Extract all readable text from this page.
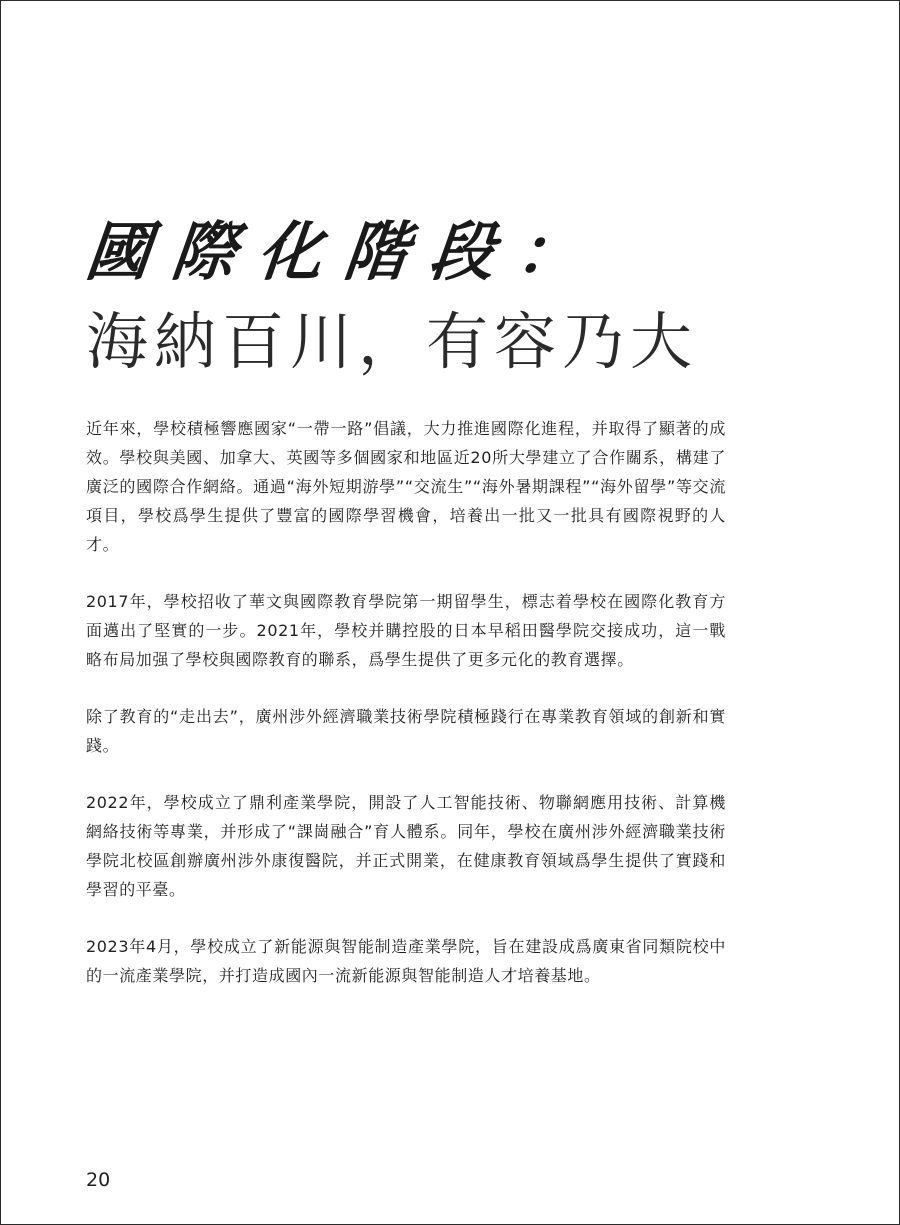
國際化階段：
海納百川，有容乃大

近年來，學校積極響應國家“一帶一路”倡議，大力推進國際化進程，并取得了顯著的成效。學校與美國、加拿大、英國等多個國家和地區近20所大學建立了合作關系，構建了廣泛的國際合作網絡。通過“海外短期游學”“交流生”“海外暑期課程”“海外留學”等交流項目，學校爲學生提供了豐富的國際學習機會，培養出一批又一批具有國際視野的人才。

2017年，學校招收了華文與國際教育學院第一期留學生，標志着學校在國際化教育方面邁出了堅實的一步。2021年，學校并購控股的日本早稻田醫學院交接成功，這一戰略布局加强了學校與國際教育的聯系，爲學生提供了更多元化的教育選擇。

除了教育的“走出去”，廣州涉外經濟職業技術學院積極踐行在專業教育領域的創新和實踐。

2022年，學校成立了鼎利產業學院，開設了人工智能技術、物聯網應用技術、計算機網絡技術等專業，并形成了“課崗融合”育人體系。同年，學校在廣州涉外經濟職業技術學院北校區創辦廣州涉外康復醫院，并正式開業，在健康教育領域爲學生提供了實踐和學習的平臺。

2023年4月，學校成立了新能源與智能制造產業學院，旨在建設成爲廣東省同類院校中的一流產業學院，并打造成國內一流新能源與智能制造人才培養基地。

20
